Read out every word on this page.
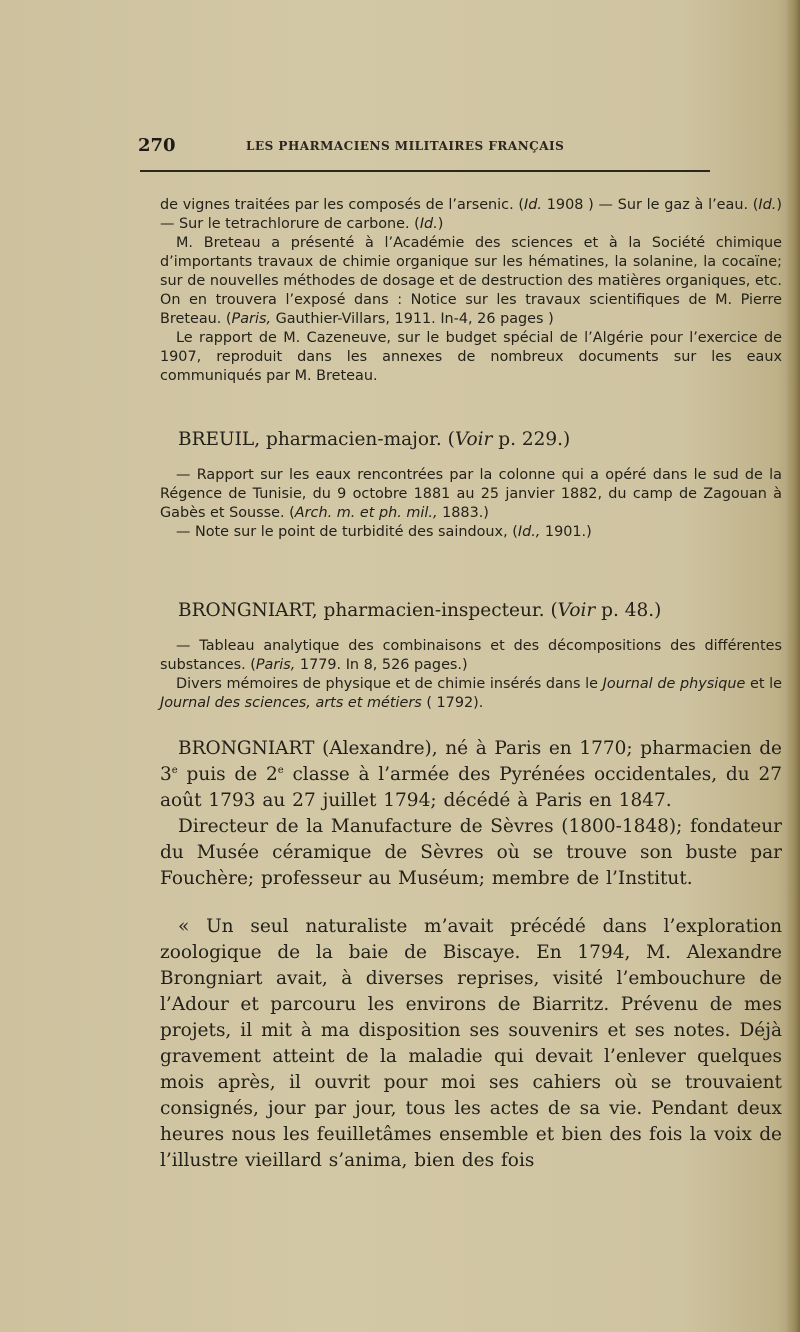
270	LES PHARMACIENS MILITAIRES FRANÇAIS

de vignes traitées par les composés de l’arsenic. (Id. 1908 ) — Sur le gaz à l’eau. (Id.) — Sur le tetrachlorure de carbone. (Id.)

M. Breteau a présenté à l’Académie des sciences et à la Société chimique d’importants travaux de chimie organique sur les hématines, la solanine, la cocaïne; sur de nouvelles méthodes de dosage et de destruction des matières organiques, etc. On en trouvera l’exposé dans : Notice sur les travaux scientifiques de M. Pierre Breteau. (Paris, Gauthier-Villars, 1911. In-4, 26 pages )

Le rapport de M. Cazeneuve, sur le budget spécial de l’Algérie pour l’exercice de 1907, reproduit dans les annexes de nombreux documents sur les eaux communiqués par M. Breteau.

BREUIL, pharmacien-major. (Voir p. 229.)

— Rapport sur les eaux rencontrées par la colonne qui a opéré dans le sud de la Régence de Tunisie, du 9 octobre 1881 au 25 janvier 1882, du camp de Zagouan à Gabès et Sousse. (Arch. m. et ph. mil., 1883.)

— Note sur le point de turbidité des saindoux, (Id., 1901.)

BRONGNIART, pharmacien-inspecteur. (Voir p. 48.)

— Tableau analytique des combinaisons et des décompositions des différentes substances. (Paris, 1779. In 8, 526 pages.)

Divers mémoires de physique et de chimie insérés dans le Journal de physique et le Journal des sciences, arts et métiers ( 1792).

BRONGNIART (Alexandre), né à Paris en 1770; pharmacien de 3e puis de 2e classe à l’armée des Pyrénées occidentales, du 27 août 1793 au 27 juillet 1794; décédé à Paris en 1847.

Directeur de la Manufacture de Sèvres (1800-1848); fondateur du Musée céramique de Sèvres où se trouve son buste par Fouchère; professeur au Muséum; membre de l’Institut.

« Un seul naturaliste m’avait précédé dans l’exploration zoologique de la baie de Biscaye. En 1794, M. Alexandre Brongniart avait, à diverses reprises, visité l’embouchure de l’Adour et parcouru les environs de Biarritz. Prévenu de mes projets, il mit à ma disposition ses souvenirs et ses notes. Déjà gravement atteint de la maladie qui devait l’enlever quelques mois après, il ouvrit pour moi ses cahiers où se trouvaient consignés, jour par jour, tous les actes de sa vie. Pendant deux heures nous les feuilletâmes ensemble et bien des fois la voix de l’illustre vieillard s’anima, bien des fois
